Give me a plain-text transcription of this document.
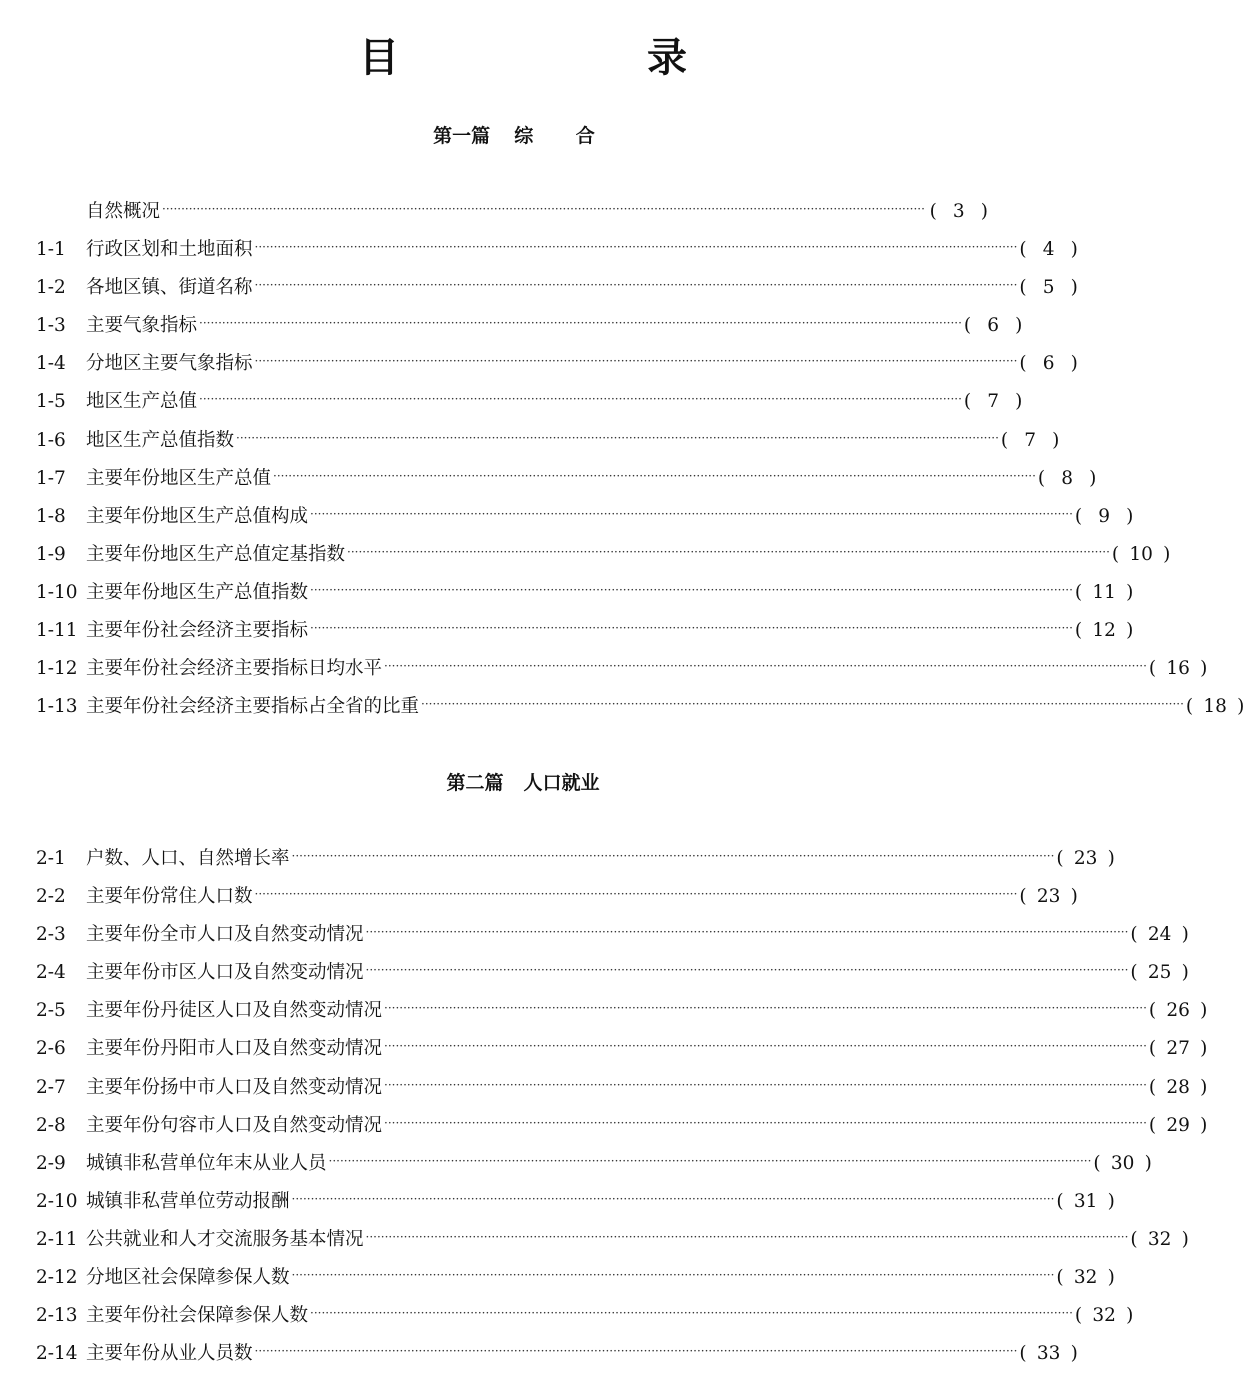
目　　录
第一篇 综 合
自然概况 ········································································································································································································ ( 3 )
1-1	行政区划和土地面积 ········································································································································································································ ( 4 )
1-2	各地区镇、街道名称 ········································································································································································································ ( 5 )
1-3	主要气象指标 ········································································································································································································ ( 6 )
1-4	分地区主要气象指标 ········································································································································································································ ( 6 )
1-5	地区生产总值 ········································································································································································································ ( 7 )
1-6	地区生产总值指数 ········································································································································································································ ( 7 )
1-7	主要年份地区生产总值 ········································································································································································································ ( 8 )
1-8	主要年份地区生产总值构成 ········································································································································································································ ( 9 )
1-9	主要年份地区生产总值定基指数 ········································································································································································································ ( 10 )
1-10 主要年份地区生产总值指数 ········································································································································································································ ( 11 )
1-11 主要年份社会经济主要指标 ········································································································································································································ ( 12 )
1-12 主要年份社会经济主要指标日均水平 ········································································································································································································ ( 16 )
1-13 主要年份社会经济主要指标占全省的比重 ········································································································································································································ ( 18 )
第二篇 人口就业
2-1	户数、人口、自然增长率 ········································································································································································································ ( 23 )
2-2	主要年份常住人口数 ········································································································································································································ ( 23 )
2-3	主要年份全市人口及自然变动情况 ········································································································································································································ ( 24 )
2-4	主要年份市区人口及自然变动情况 ········································································································································································································ ( 25 )
2-5	主要年份丹徒区人口及自然变动情况 ········································································································································································································ ( 26 )
2-6	主要年份丹阳市人口及自然变动情况 ········································································································································································································ ( 27 )
2-7	主要年份扬中市人口及自然变动情况 ········································································································································································································ ( 28 )
2-8	主要年份句容市人口及自然变动情况 ········································································································································································································ ( 29 )
2-9	城镇非私营单位年末从业人员 ········································································································································································································ ( 30 )
2-10 城镇非私营单位劳动报酬 ········································································································································································································ ( 31 )
2-11 公共就业和人才交流服务基本情况 ········································································································································································································ ( 32 )
2-12 分地区社会保障参保人数 ········································································································································································································ ( 32 )
2-13 主要年份社会保障参保人数 ········································································································································································································ ( 32 )
2-14 主要年份从业人员数 ········································································································································································································ ( 33 )
